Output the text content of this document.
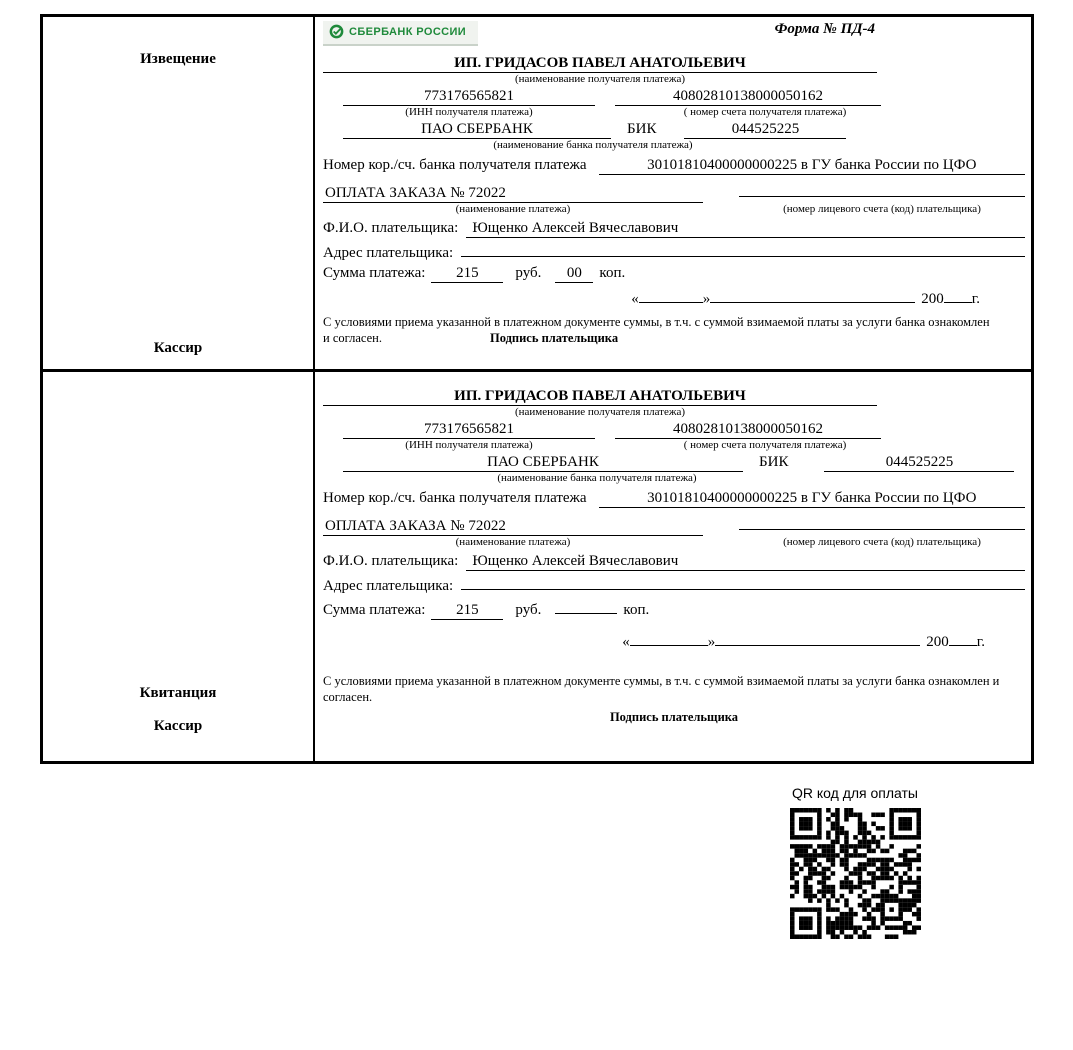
Извещение
Кассир
СБЕРБАНК РОССИИ	Форма № ПД-4
ИП. ГРИДАСОВ ПАВЕЛ АНАТОЛЬЕВИЧ
(наименование получателя платежа)
773176565821	40802810138000050162
(ИНН получателя платежа)	( номер счета получателя платежа)
ПАО СБЕРБАНК	БИК	044525225
(наименование банка получателя платежа)
Номер кор./сч. банка получателя платежа	30101810400000000225 в ГУ банка России по ЦФО
ОПЛАТА ЗАКАЗА № 72022
(наименование платежа)	(номер лицевого счета (код) плательщика)
Ф.И.О. плательщика: Ющенко Алексей Вячеславович
Адрес плательщика:
Сумма платежа:	215	руб.	00	коп.
«	»	200 г.
С условиями приема указанной в платежном документе суммы, в т.ч. с суммой взимаемой платы за услуги банка ознакомлен и согласен.	Подпись плательщика
Квитанция
Кассир
ИП. ГРИДАСОВ ПАВЕЛ АНАТОЛЬЕВИЧ
(наименование получателя платежа)
773176565821	40802810138000050162
(ИНН получателя платежа)	( номер счета получателя платежа)
ПАО СБЕРБАНК	БИК	044525225
(наименование банка получателя платежа)
Номер кор./сч. банка получателя платежа	30101810400000000225 в ГУ банка России по ЦФО
ОПЛАТА ЗАКАЗА № 72022
(наименование платежа)	(номер лицевого счета (код) плательщика)
Ф.И.О. плательщика: Ющенко Алексей Вячеславович
Адрес плательщика:
Сумма платежа:	215	руб.	коп.
«	»	200 г.
С условиями приема указанной в платежном документе суммы, в т.ч. с суммой взимаемой платы за услуги банка ознакомлен и согласен.
Подпись плательщика
QR код для оплаты
